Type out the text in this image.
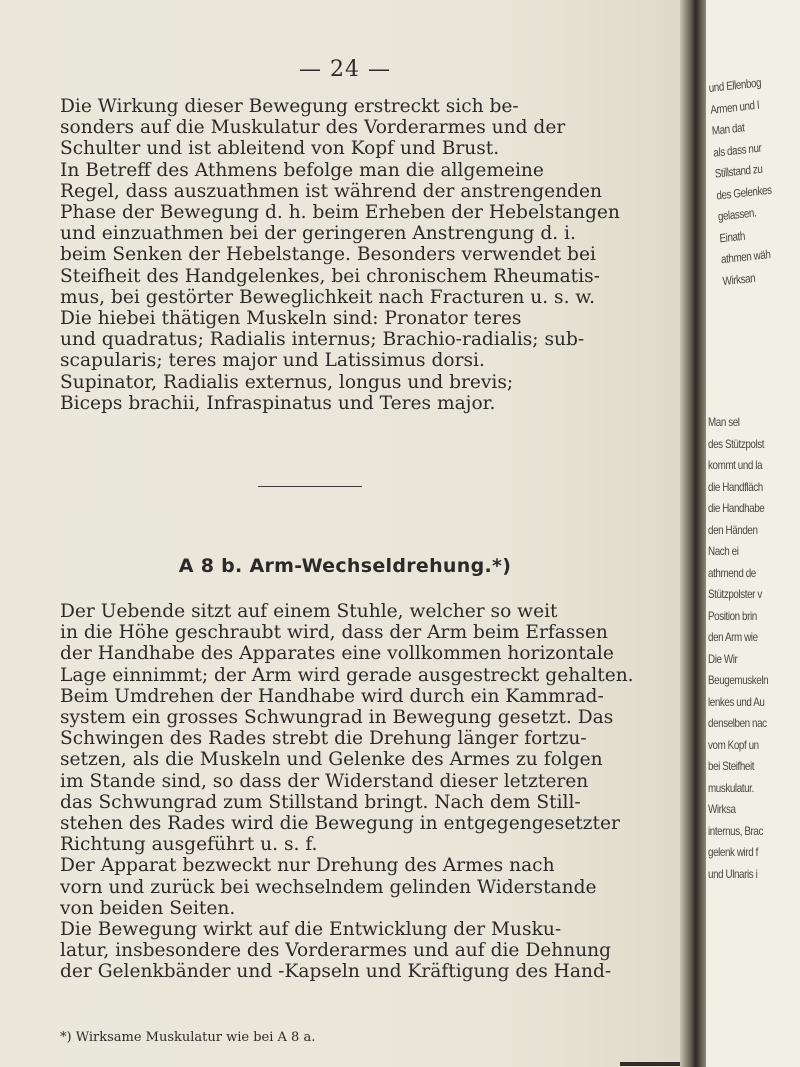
— 24 —
Die Wirkung dieser Bewegung erstreckt sich be-
sonders auf die Muskulatur des Vorderarmes und der
Schulter und ist ableitend von Kopf und Brust.
In Betreff des Athmens befolge man die allgemeine
Regel, dass auszuathmen ist während der anstrengenden
Phase der Bewegung d. h. beim Erheben der Hebelstangen
und einzuathmen bei der geringeren Anstrengung d. i.
beim Senken der Hebelstange. Besonders verwendet bei
Steifheit des Handgelenkes, bei chronischem Rheumatis-
mus, bei gestörter Beweglichkeit nach Fracturen u. s. w.
Die hiebei thätigen Muskeln sind: Pronator teres
und quadratus; Radialis internus; Brachio-radialis; sub-
scapularis; teres major und Latissimus dorsi.
Supinator, Radialis externus, longus und brevis;
Biceps brachii, Infraspinatus und Teres major.
A 8 b. Arm-Wechseldrehung.*)
Der Uebende sitzt auf einem Stuhle, welcher so weit
in die Höhe geschraubt wird, dass der Arm beim Erfassen
der Handhabe des Apparates eine vollkommen horizontale
Lage einnimmt; der Arm wird gerade ausgestreckt gehalten.
Beim Umdrehen der Handhabe wird durch ein Kammrad-
system ein grosses Schwungrad in Bewegung gesetzt. Das
Schwingen des Rades strebt die Drehung länger fortzu-
setzen, als die Muskeln und Gelenke des Armes zu folgen
im Stande sind, so dass der Widerstand dieser letzteren
das Schwungrad zum Stillstand bringt. Nach dem Still-
stehen des Rades wird die Bewegung in entgegengesetzter
Richtung ausgeführt u. s. f.
Der Apparat bezweckt nur Drehung des Armes nach
vorn und zurück bei wechselndem gelinden Widerstande
von beiden Seiten.
Die Bewegung wirkt auf die Entwicklung der Musku-
latur, insbesondere des Vorderarmes und auf die Dehnung
der Gelenkbänder und -Kapseln und Kräftigung des Hand-
*) Wirksame Muskulatur wie bei A 8 a.
und Ellenbog
Armen und I
Man dat
als dass nur
Stillstand zu
des Gelenkes
gelassen.
Einath
athmen wäh
Wirksan
Man sel
des Stützpolst
kommt und la
die Handfläch
die Handhabe
den Händen
Nach ei
athmend de
Stützpolster v
Position brin
den Arm wie
Die Wir
Beugemuskeln
lenkes und Au
denselben nac
vom Kopf un
bei Steifheit
muskulatur.
Wirksa
internus, Brac
gelenk wird f
und Ulnaris i
